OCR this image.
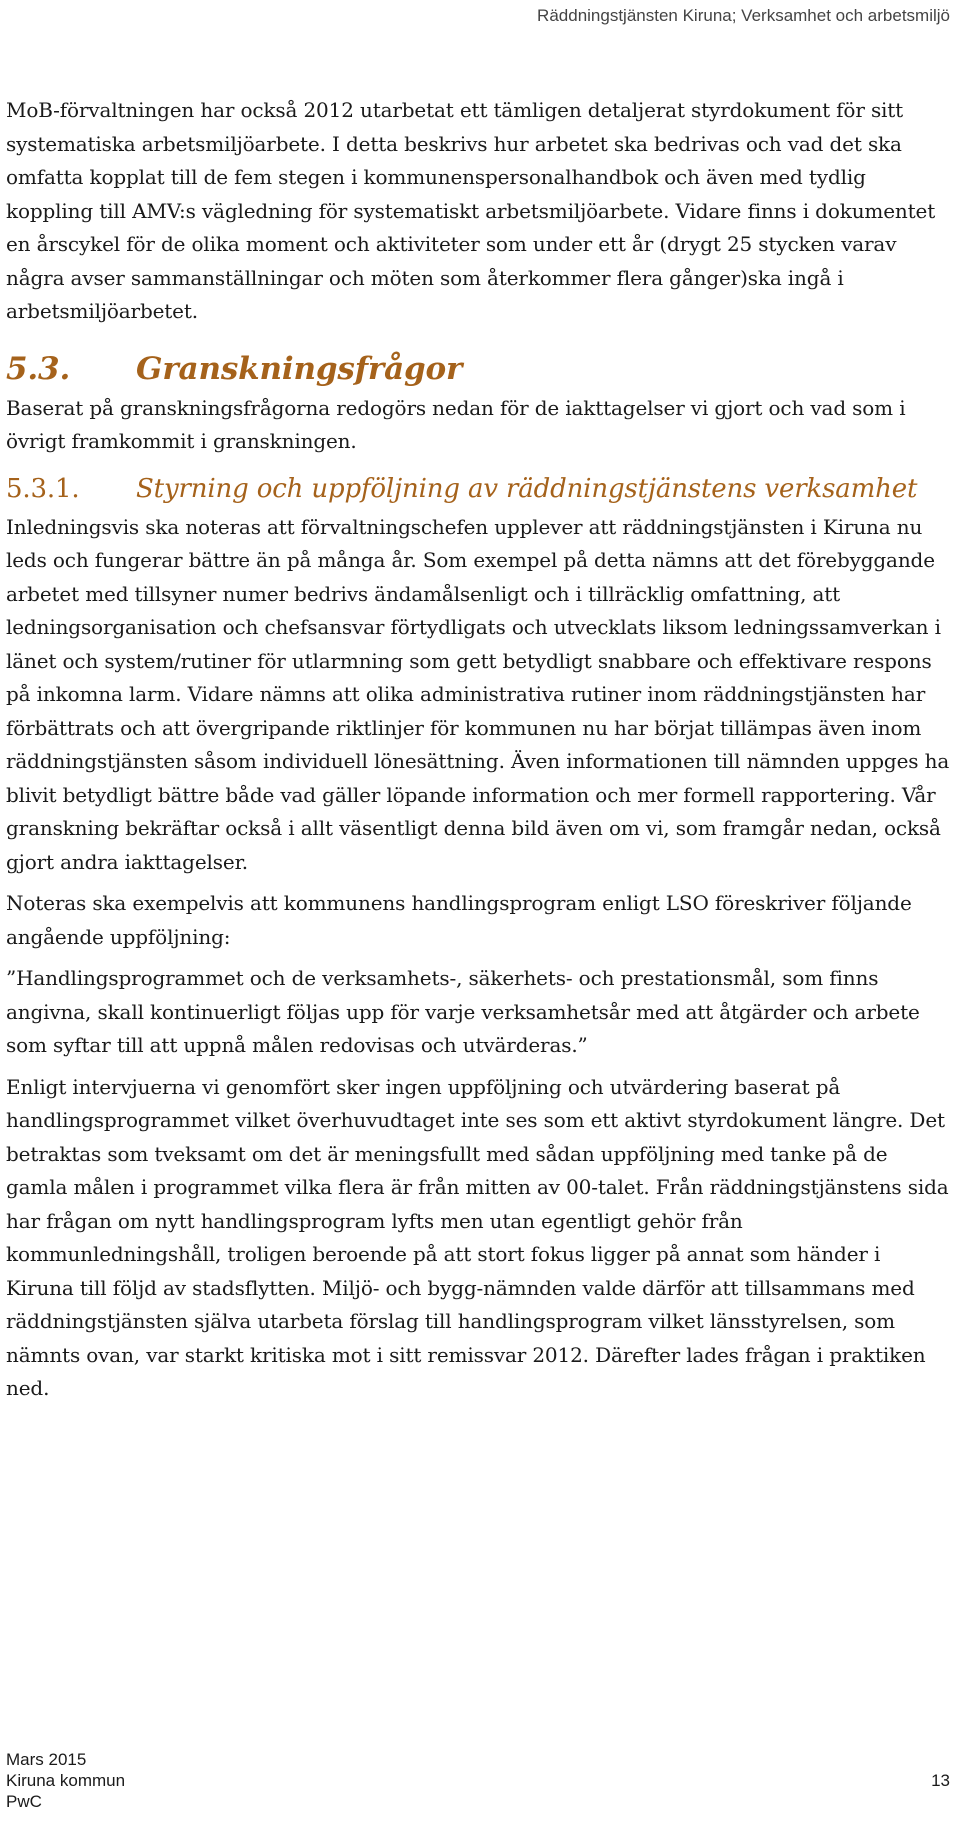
Räddningstjänsten Kiruna; Verksamhet och arbetsmiljö

MoB-förvaltningen har också 2012 utarbetat ett tämligen detaljerat styrdokument för sitt systematiska arbetsmiljöarbete. I detta beskrivs hur arbetet ska bedrivas och vad det ska omfatta kopplat till de fem stegen i kommunenspersonalhandbok och även med tydlig koppling till AMV:s vägledning för systematiskt arbetsmiljöarbete. Vidare finns i dokumentet en årscykel för de olika moment och aktiviteter som under ett år (drygt 25 stycken varav några avser sammanställningar och möten som återkommer flera gånger)ska ingå i arbetsmiljöarbetet.

5.3.	Granskningsfrågor

Baserat på granskningsfrågorna redogörs nedan för de iakttagelser vi gjort och vad som i övrigt framkommit i granskningen.

5.3.1.	Styrning och uppföljning av räddningstjänstens verksamhet

Inledningsvis ska noteras att förvaltningschefen upplever att räddningstjänsten i Kiruna nu leds och fungerar bättre än på många år. Som exempel på detta nämns att det förebyggande arbetet med tillsyner numer bedrivs ändamålsenligt och i tillräcklig omfattning, att ledningsorganisation och chefsansvar förtydligats och utvecklats liksom ledningssamverkan i länet och system/rutiner för utlarmning som gett betydligt snabbare och effektivare respons på inkomna larm. Vidare nämns att olika administrativa rutiner inom räddningstjänsten har förbättrats och att övergripande riktlinjer för kommunen nu har börjat tillämpas även inom räddningstjänsten såsom individuell lönesättning. Även informationen till nämnden uppges ha blivit betydligt bättre både vad gäller löpande information och mer formell rapportering. Vår granskning bekräftar också i allt väsentligt denna bild även om vi, som framgår nedan, också gjort andra iakttagelser.

Noteras ska exempelvis att kommunens handlingsprogram enligt LSO föreskriver följande angående uppföljning:

”Handlingsprogrammet och de verksamhets-, säkerhets- och prestationsmål, som finns angivna, skall kontinuerligt följas upp för varje verksamhetsår med att åtgärder och arbete som syftar till att uppnå målen redovisas och utvärderas.”

Enligt intervjuerna vi genomfört sker ingen uppföljning och utvärdering baserat på handlingsprogrammet vilket överhuvudtaget inte ses som ett aktivt styrdokument längre. Det betraktas som tveksamt om det är meningsfullt med sådan uppföljning med tanke på de gamla målen i programmet vilka flera är från mitten av 00-talet. Från räddningstjänstens sida har frågan om nytt handlingsprogram lyfts men utan egentligt gehör från kommunledningshåll, troligen beroende på att stort fokus ligger på annat som händer i Kiruna till följd av stadsflytten. Miljö- och bygg-nämnden valde därför att tillsammans med räddningstjänsten själva utarbeta förslag till handlingsprogram vilket länsstyrelsen, som nämnts ovan, var starkt kritiska mot i sitt remissvar 2012. Därefter lades frågan i praktiken ned.

Mars 2015
Kiruna kommun
PwC
13
